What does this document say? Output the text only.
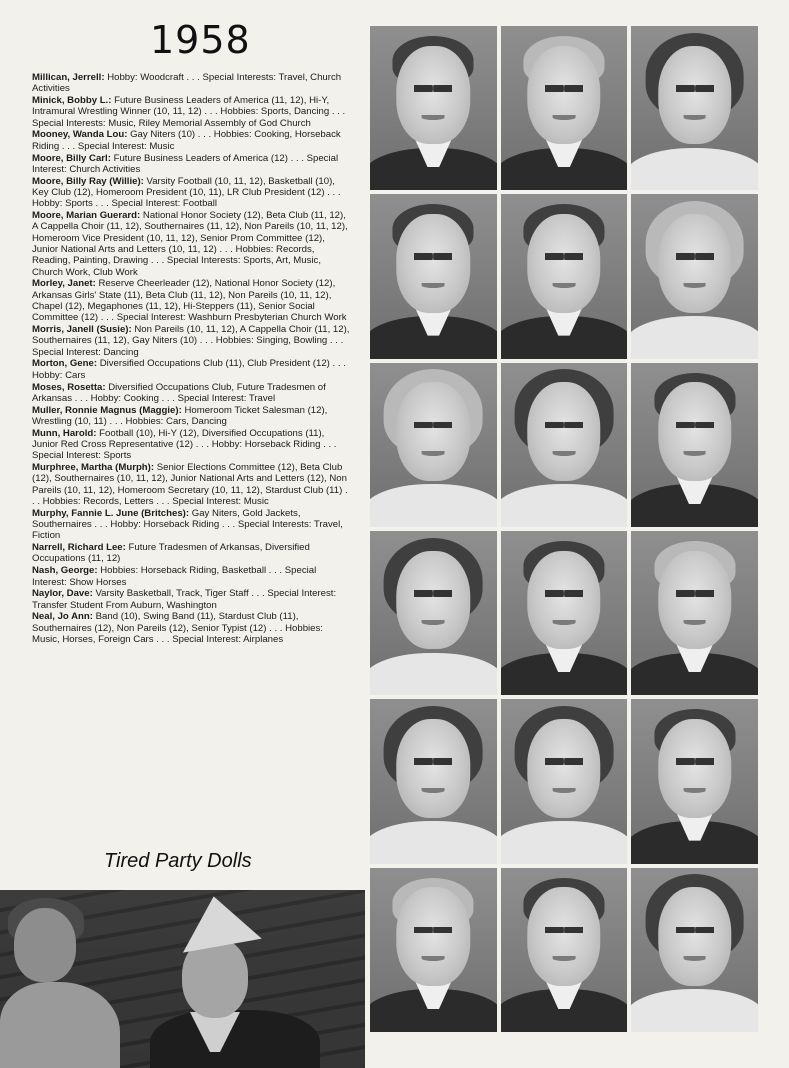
1958
Millican, Jerrell: Hobby: Woodcraft . . . Special Interests: Travel, Church Activities
Minick, Bobby L.: Future Business Leaders of America (11, 12), Hi-Y, Intramural Wrestling Winner (10, 11, 12) . . . Hobbies: Sports, Dancing . . . Special Interests: Music, Riley Memorial Assembly of God Church
Mooney, Wanda Lou: Gay Niters (10) . . . Hobbies: Cooking, Horseback Riding . . . Special Interest: Music
Moore, Billy Carl: Future Business Leaders of America (12) . . . Special Interest: Church Activities
Moore, Billy Ray (Willie): Varsity Football (10, 11, 12), Basketball (10), Key Club (12), Homeroom President (10, 11), LR Club President (12) . . . Hobby: Sports . . . Special Interest: Football
Moore, Marian Guerard: National Honor Society (12), Beta Club (11, 12), A Cappella Choir (11, 12), Southernaires (11, 12), Non Pareils (10, 11, 12), Homeroom Vice President (10, 11, 12), Senior Prom Committee (12), Junior National Arts and Letters (10, 11, 12) . . . Hobbies: Records, Reading, Painting, Drawing . . . Special Interests: Sports, Art, Music, Church Work, Club Work
Morley, Janet: Reserve Cheerleader (12), National Honor Society (12), Arkansas Girls' State (11), Beta Club (11, 12), Non Pareils (10, 11, 12), Chapel (12), Megaphones (11, 12), Hi-Steppers (11), Senior Social Committee (12) . . . Special Interest: Washburn Presbyterian Church Work
Morris, Janell (Susie): Non Pareils (10, 11, 12), A Cappella Choir (11, 12), Southernaires (11, 12), Gay Niters (10) . . . Hobbies: Singing, Bowling . . . Special Interest: Dancing
Morton, Gene: Diversified Occupations Club (11), Club President (12) . . . Hobby: Cars
Moses, Rosetta: Diversified Occupations Club, Future Tradesmen of Arkansas . . . Hobby: Cooking . . . Special Interest: Travel
Muller, Ronnie Magnus (Maggie): Homeroom Ticket Salesman (12), Wrestling (10, 11) . . . Hobbies: Cars, Dancing
Munn, Harold: Football (10), Hi-Y (12), Diversified Occupations (11), Junior Red Cross Representative (12) . . . Hobby: Horseback Riding . . . Special Interest: Sports
Murphree, Martha (Murph): Senior Elections Committee (12), Beta Club (12), Southernaires (10, 11, 12), Junior National Arts and Letters (12), Non Pareils (10, 11, 12), Homeroom Secretary (10, 11, 12), Stardust Club (11) . . . Hobbies: Records, Letters . . . Special Interest: Music
Murphy, Fannie L. June (Britches): Gay Niters, Gold Jackets, Southernaires . . . Hobby: Horseback Riding . . . Special Interests: Travel, Fiction
Narrell, Richard Lee: Future Tradesmen of Arkansas, Diversified Occupations (11, 12)
Nash, George: Hobbies: Horseback Riding, Basketball . . . Special Interest: Show Horses
Naylor, Dave: Varsity Basketball, Track, Tiger Staff . . . Special Interest: Transfer Student From Auburn, Washington
Neal, Jo Ann: Band (10), Swing Band (11), Stardust Club (11), Southernaires (12), Non Pareils (12), Senior Typist (12) . . . Hobbies: Music, Horses, Foreign Cars . . . Special Interest: Airplanes
Tired Party Dolls
